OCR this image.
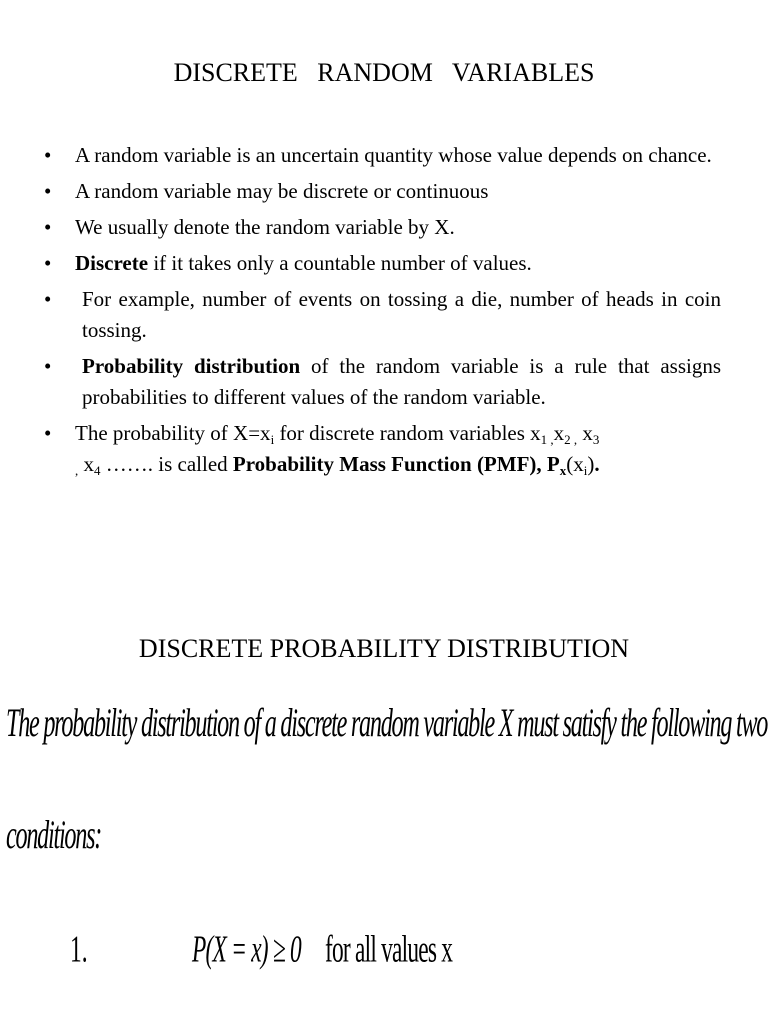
DISCRETE   RANDOM   VARIABLES
• A random variable is an uncertain quantity whose value depends on chance.
• A random variable may be discrete or continuous
• We usually denote the random variable by X.
• Discrete if it takes only a countable number of values.
• For example, number of events on tossing a die, number of heads in coin tossing.
• Probability distribution of the random variable is a rule that assigns probabilities to different values of the random variable.
• The probability of $X=x_i$ for discrete random variables $x_{1 ,}x_{2 ,}$ $x_3$
$_,$ $x_4$ ……. is called Probability Mass Function (PMF), $P_x(x_i)$.
DISCRETE PROBABILITY DISTRIBUTION
The probability distribution of a discrete random variable X must satisfy the following two
conditions:
1.	P(X = x) ≥ 0 for all values x
